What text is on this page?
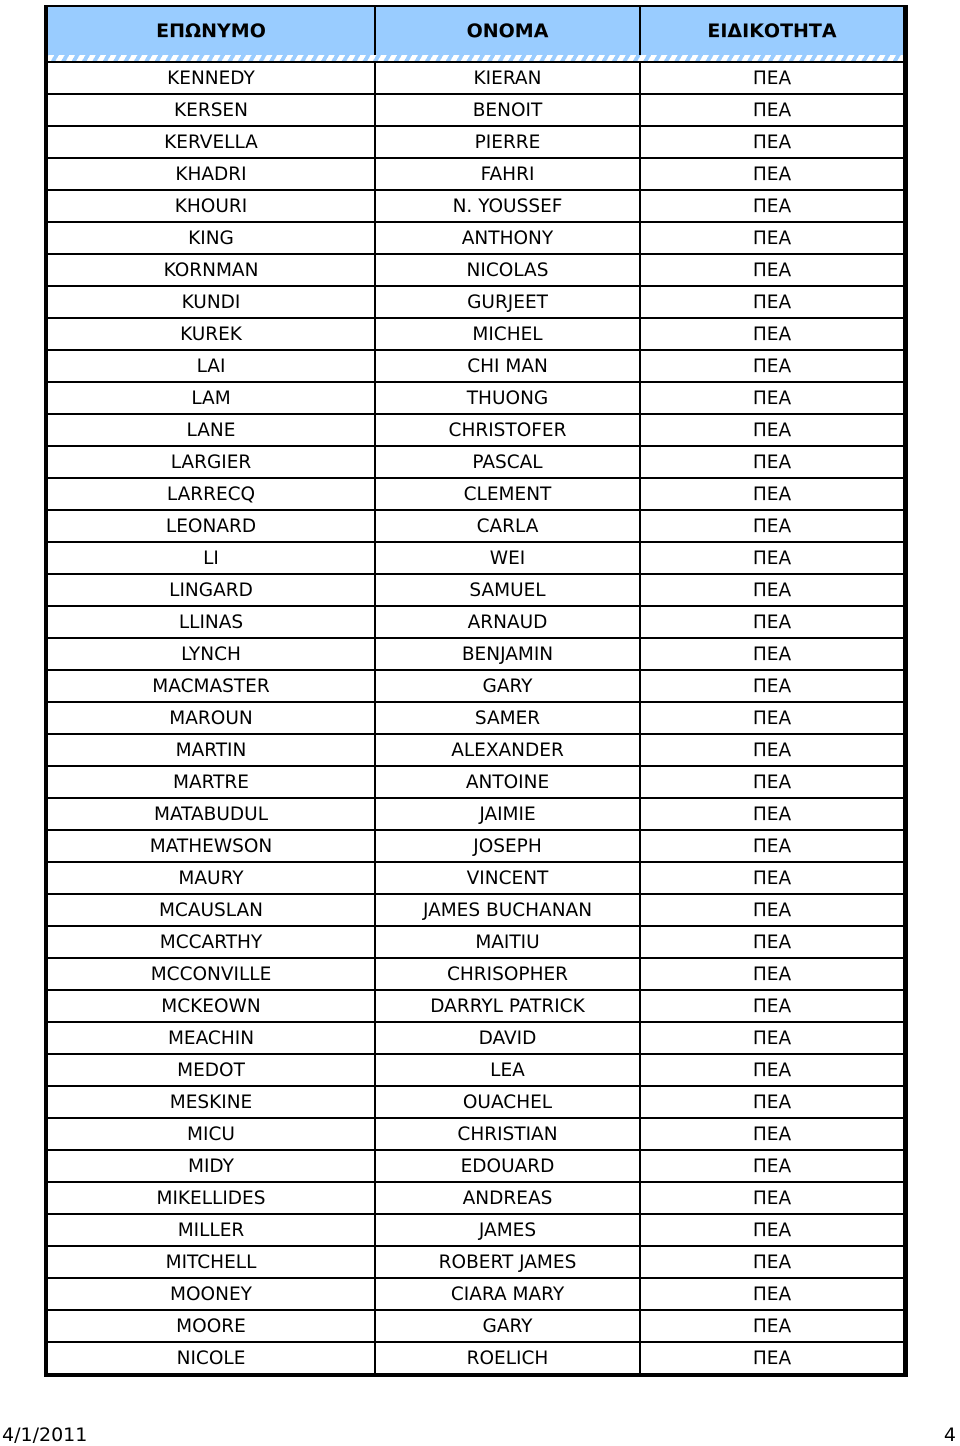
ΕΠΩΝΥΜΟ	ΟΝΟΜΑ	ΕΙΔΙΚΟΤΗΤΑ

KENNEDY	KIERAN	ΠΕΑ
KERSEN	BENOIT	ΠΕΑ
KERVELLA	PIERRE	ΠΕΑ
KHADRI	FAHRI	ΠΕΑ
KHOURI	N. YOUSSEF	ΠΕΑ
KING	ANTHONY	ΠΕΑ
KORNMAN	NICOLAS	ΠΕΑ
KUNDI	GURJEET	ΠΕΑ
KUREK	MICHEL	ΠΕΑ
LAI	CHI MAN	ΠΕΑ
LAM	THUONG	ΠΕΑ
LANE	CHRISTOFER	ΠΕΑ
LARGIER	PASCAL	ΠΕΑ
LARRECQ	CLEMENT	ΠΕΑ
LEONARD	CARLA	ΠΕΑ
LI	WEI	ΠΕΑ
LINGARD	SAMUEL	ΠΕΑ
LLINAS	ARNAUD	ΠΕΑ
LYNCH	BENJAMIN	ΠΕΑ
MACMASTER	GARY	ΠΕΑ
MAROUN	SAMER	ΠΕΑ
MARTIN	ALEXANDER	ΠΕΑ
MARTRE	ANTOINE	ΠΕΑ
MATABUDUL	JAIMIE	ΠΕΑ
MATHEWSON	JOSEPH	ΠΕΑ
MAURY	VINCENT	ΠΕΑ
MCAUSLAN	JAMES BUCHANAN	ΠΕΑ
MCCARTHY	MAITIU	ΠΕΑ
MCCONVILLE	CHRISOPHER	ΠΕΑ
MCKEOWN	DARRYL PATRICK	ΠΕΑ
MEACHIN	DAVID	ΠΕΑ
MEDOT	LEA	ΠΕΑ
MESKINE	OUACHEL	ΠΕΑ
MICU	CHRISTIAN	ΠΕΑ
MIDY	EDOUARD	ΠΕΑ
MIKELLIDES	ANDREAS	ΠΕΑ
MILLER	JAMES	ΠΕΑ
MITCHELL	ROBERT JAMES	ΠΕΑ
MOONEY	CIARA MARY	ΠΕΑ
MOORE	GARY	ΠΕΑ
NICOLE	ROELICH	ΠΕΑ
4/1/2011	4
